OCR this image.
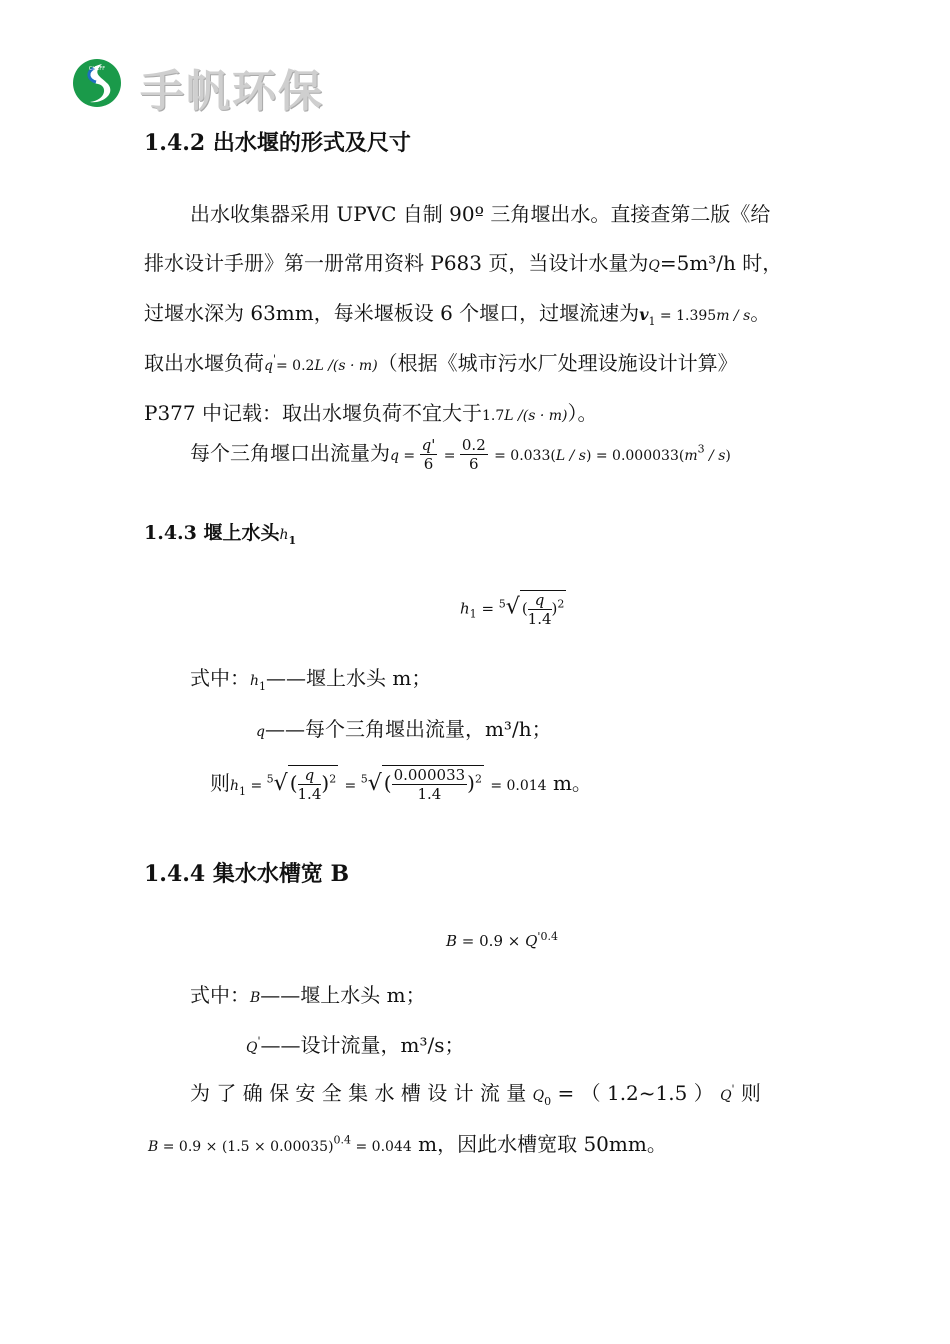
CHEFF 手帆环保
1.4.2 出水堰的形式及尺寸
出水收集器采用 UPVC 自制 90º 三角堰出水。直接查第二版《给
排水设计手册》第一册常用资料 P683 页，当设计水量为Q=5m³/h 时，
过堰水深为 63mm，每米堰板设 6 个堰口，过堰流速为$v_1 = 1.395m / s$。
取出水堰负荷q'= 0.2L /(s · m)（根据《城市污水厂处理设施设计计算》
P377 中记载：取出水堰负荷不宜大于1.7L /(s · m)）。
每个三角堰口出流量为$q = \frac{q'}{6} = \frac{0.2}{6} = 0.033(L / s) = 0.000033(m^3 / s)$
1.4.3 堰上水头$h_1$
$h_1 = ^5√$ ( $\frac{q}{1.4} )^2$
式中：$h_1——$堰上水头 m；
q——每个三角堰出流量，m³/h；
则$h_1 = ^5√$ ( $\frac{q}{1.4} )^2 = ^5√$ ( $\frac{0.000033}{1.4} )^2 = 0.014$ m。
1.4.4 集水水槽宽 B
$B = 0.9 \times Q^{'0.4}$
式中：B——堰上水头 m；
Q'——设计流量，m³/s；
为 了 确 保 安 全 集 水 槽 设 计 流 量 $Q_0$ = （ 1.2~1.5 ） Q' 则
$B = 0.9 \times (1.5 \times 0.00035)^{0.4} = 0.044$ m，因此水槽宽取 50mm。
